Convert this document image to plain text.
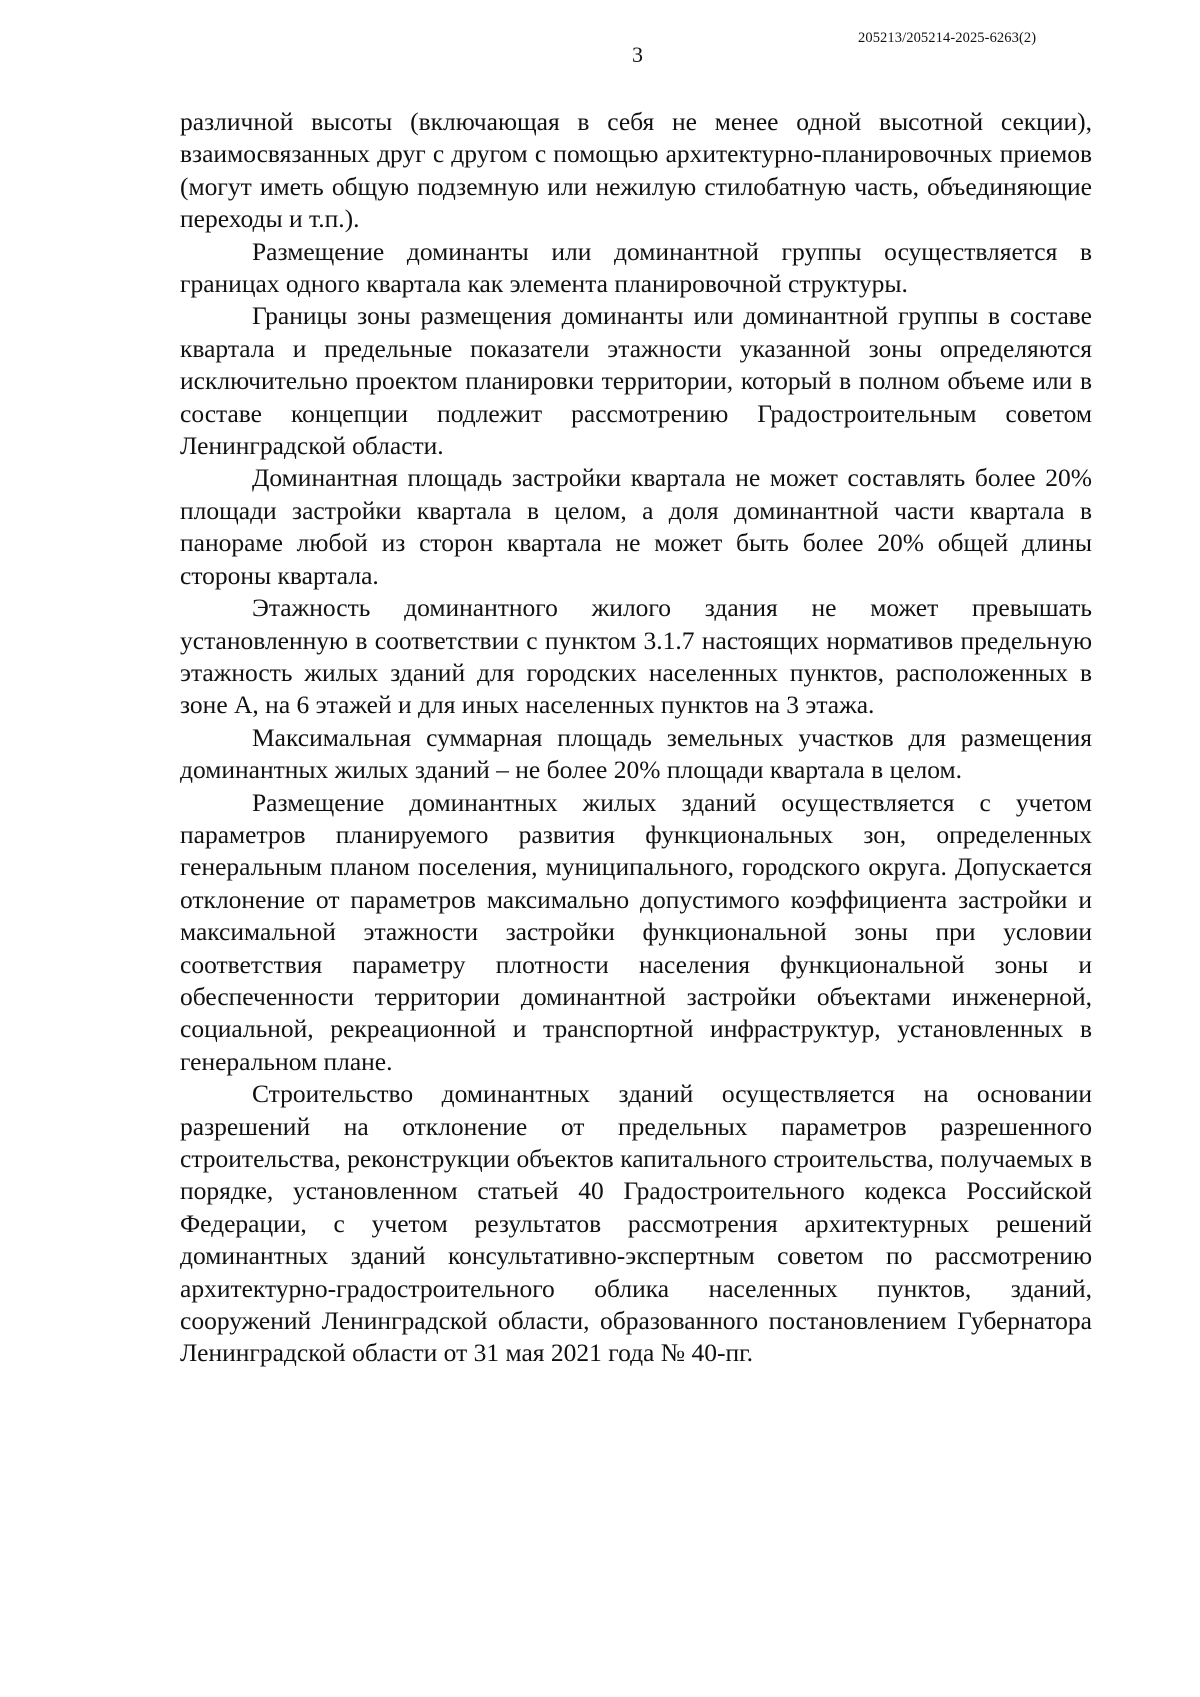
205213/205214-2025-6263(2)
3

различной высоты (включающая в себя не менее одной высотной секции), взаимосвязанных друг с другом с помощью архитектурно-планировочных приемов (могут иметь общую подземную или нежилую стилобатную часть, объединяющие переходы и т.п.).

Размещение доминанты или доминантной группы осуществляется в границах одного квартала как элемента планировочной структуры.

Границы зоны размещения доминанты или доминантной группы в составе квартала и предельные показатели этажности указанной зоны определяются исключительно проектом планировки территории, который в полном объеме или в составе концепции подлежит рассмотрению Градостроительным советом Ленинградской области.

Доминантная площадь застройки квартала не может составлять более 20% площади застройки квартала в целом, а доля доминантной части квартала в панораме любой из сторон квартала не может быть более 20% общей длины стороны квартала.

Этажность доминантного жилого здания не может превышать установленную в соответствии с пунктом 3.1.7 настоящих нормативов предельную этажность жилых зданий для городских населенных пунктов, расположенных в зоне А, на 6 этажей и для иных населенных пунктов на 3 этажа.

Максимальная суммарная площадь земельных участков для размещения доминантных жилых зданий – не более 20% площади квартала в целом.

Размещение доминантных жилых зданий осуществляется с учетом параметров планируемого развития функциональных зон, определенных генеральным планом поселения, муниципального, городского округа. Допускается отклонение от параметров максимально допустимого коэффициента застройки и максимальной этажности застройки функциональной зоны при условии соответствия параметру плотности населения функциональной зоны и обеспеченности территории доминантной застройки объектами инженерной, социальной, рекреационной и транспортной инфраструктур, установленных в генеральном плане.

Строительство доминантных зданий осуществляется на основании разрешений на отклонение от предельных параметров разрешенного строительства, реконструкции объектов капитального строительства, получаемых в порядке, установленном статьей 40 Градостроительного кодекса Российской Федерации, с учетом результатов рассмотрения архитектурных решений доминантных зданий консультативно-экспертным советом по рассмотрению архитектурно-градостроительного облика населенных пунктов, зданий, сооружений Ленинградской области, образованного постановлением Губернатора Ленинградской области от 31 мая 2021 года № 40-пг.
